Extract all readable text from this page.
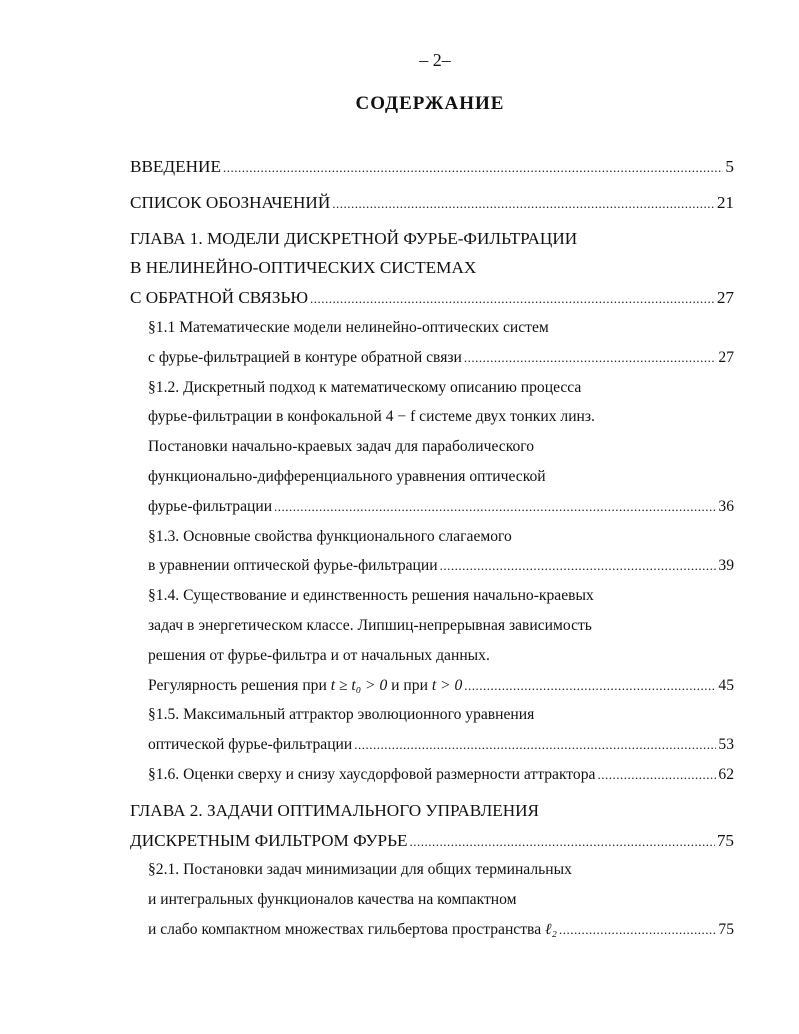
– 2–
СОДЕРЖАНИЕ
ВВЕДЕНИЕ .....	5
СПИСОК ОБОЗНАЧЕНИЙ .....	21
ГЛАВА 1. МОДЕЛИ ДИСКРЕТНОЙ ФУРЬЕ-ФИЛЬТРАЦИИ
В НЕЛИНЕЙНО-ОПТИЧЕСКИХ СИСТЕМАХ
С ОБРАТНОЙ СВЯЗЬЮ .....	27
§1.1 Математические модели нелинейно-оптических систем
с фурье-фильтрацией в контуре обратной связи .....	27
§1.2. Дискретный подход к математическому описанию процесса
фурье-фильтрации в конфокальной 4 − f системе двух тонких линз.
Постановки начально-краевых задач для параболического
функционально-дифференциального уравнения оптической
фурье-фильтрации .....	36
§1.3. Основные свойства функционального слагаемого
в уравнении оптической фурье-фильтрации .....	39
§1.4. Существование и единственность решения начально-краевых
задач в энергетическом классе. Липшиц-непрерывная зависимость
решения от фурье-фильтра и от начальных данных.
Регулярность решения при t ≥ t₀ > 0 и при t > 0 .....	45
§1.5. Максимальный аттрактор эволюционного уравнения
оптической фурье-фильтрации .....	53
§1.6. Оценки сверху и снизу хаусдорфовой размерности аттрактора .....	62
ГЛАВА 2. ЗАДАЧИ ОПТИМАЛЬНОГО УПРАВЛЕНИЯ
ДИСКРЕТНЫМ ФИЛЬТРОМ ФУРЬЕ .....	75
§2.1. Постановки задач минимизации для общих терминальных
и интегральных функционалов качества на компактном
и слабо компактном множествах гильбертова пространства ℓ₂ .....	75
